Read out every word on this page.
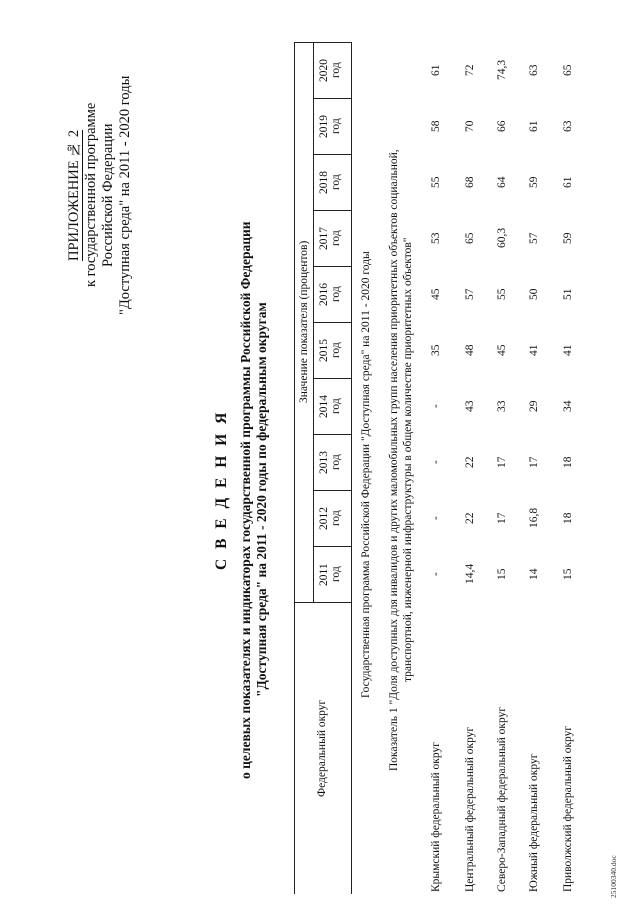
ПРИЛОЖЕНИЕ № 2
к государственной программе
Российской Федерации
"Доступная среда" на 2011 - 2020 годы
С В Е Д Е Н И Я о целевых показателях и индикаторах государственной программы Российской Федерации
"Доступная среда" на 2011 - 2020 годы по федеральным округам
Федеральный округ
Значение показателя (процентов)
2011
год
2012
год
2013
год
2014
год
2015
год
2016
год
2017
год
2018
год
2019
год
2020
год
Государственная программа Российской Федерации "Доступная среда" на 2011 - 2020 годы Показатель 1 "Доля доступных для инвалидов и других маломобильных групп населения приоритетных объектов социальной, транспортной, инженерной инфраструктуры в общем количестве приоритетных объектов"
Крымский федеральный округ Центральный федеральный округ Северо-Западный федеральный округ Южный федеральный округ Приволжский федеральный округ
-
-
-
-
35
45
53
55
58
61
14,4
22
22
43
48
57
65
68
70
72
15
17
17
33
45
55
60,3
64
66
74,3
14
16,8
17
29
41
50
57
59
61
63
15
18
18
34
41
51
59
61
63
65
25100340.doc
